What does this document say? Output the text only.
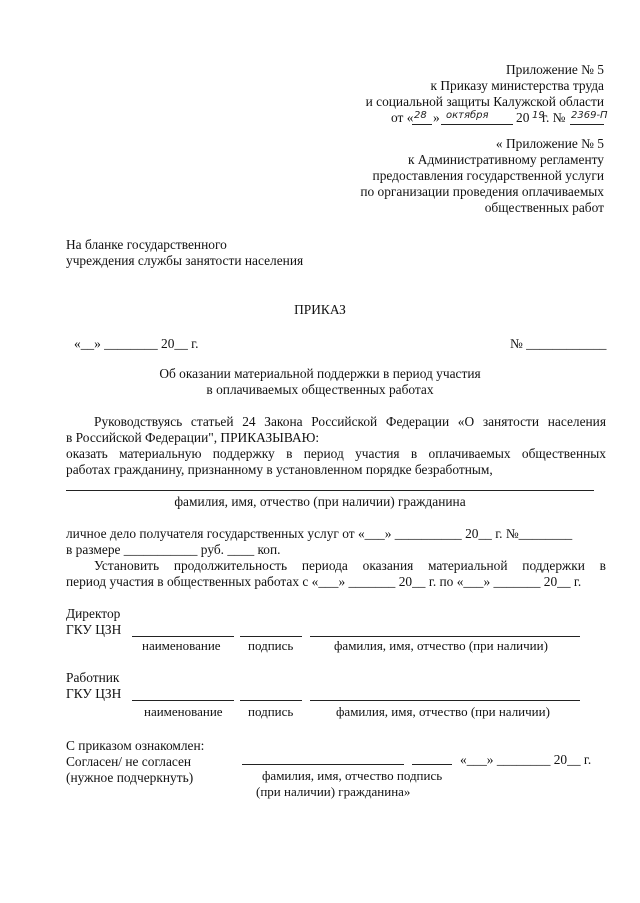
Приложение № 5
к Приказу министерства труда
и социальной защиты Калужской области
от « 28 » октября 20 19
г. № 2369-П
« Приложение № 5
к Административному регламенту
предоставления государственной услуги
по организации проведения оплачиваемых
общественных работ
На бланке государственного
учреждения службы занятости населения
ПРИКАЗ
«__» ________ 20__ г.	№ ____________
Об оказании материальной поддержки в период участия
в оплачиваемых общественных работах
Руководствуясь статьей 24 Закона Российской Федерации «О занятости населения
в Российской Федерации", ПРИКАЗЫВАЮ:
оказать материальную поддержку в период участия в оплачиваемых общественных
работах гражданину, признанному в установленном порядке безработным,
фамилия, имя, отчество (при наличии) гражданина
личное дело получателя государственных услуг от «___» __________ 20__ г. №________
в размере ___________ руб. ____ коп.
Установить продолжительность периода оказания материальной поддержки в
период участия в общественных работах с «___» _______ 20__ г. по «___» _______ 20__ г.
Директор
ГКУ ЦЗН
наименование подпись	фамилия, имя, отчество (при наличии)
Работник
ГКУ ЦЗН
наименование подпись	фамилия, имя, отчество (при наличии)
С приказом ознакомлен:
Согласен/ не согласен
(нужное подчеркнуть)
«___» ________ 20__ г.
фамилия, имя, отчество подпись
(при наличии) гражданина»
